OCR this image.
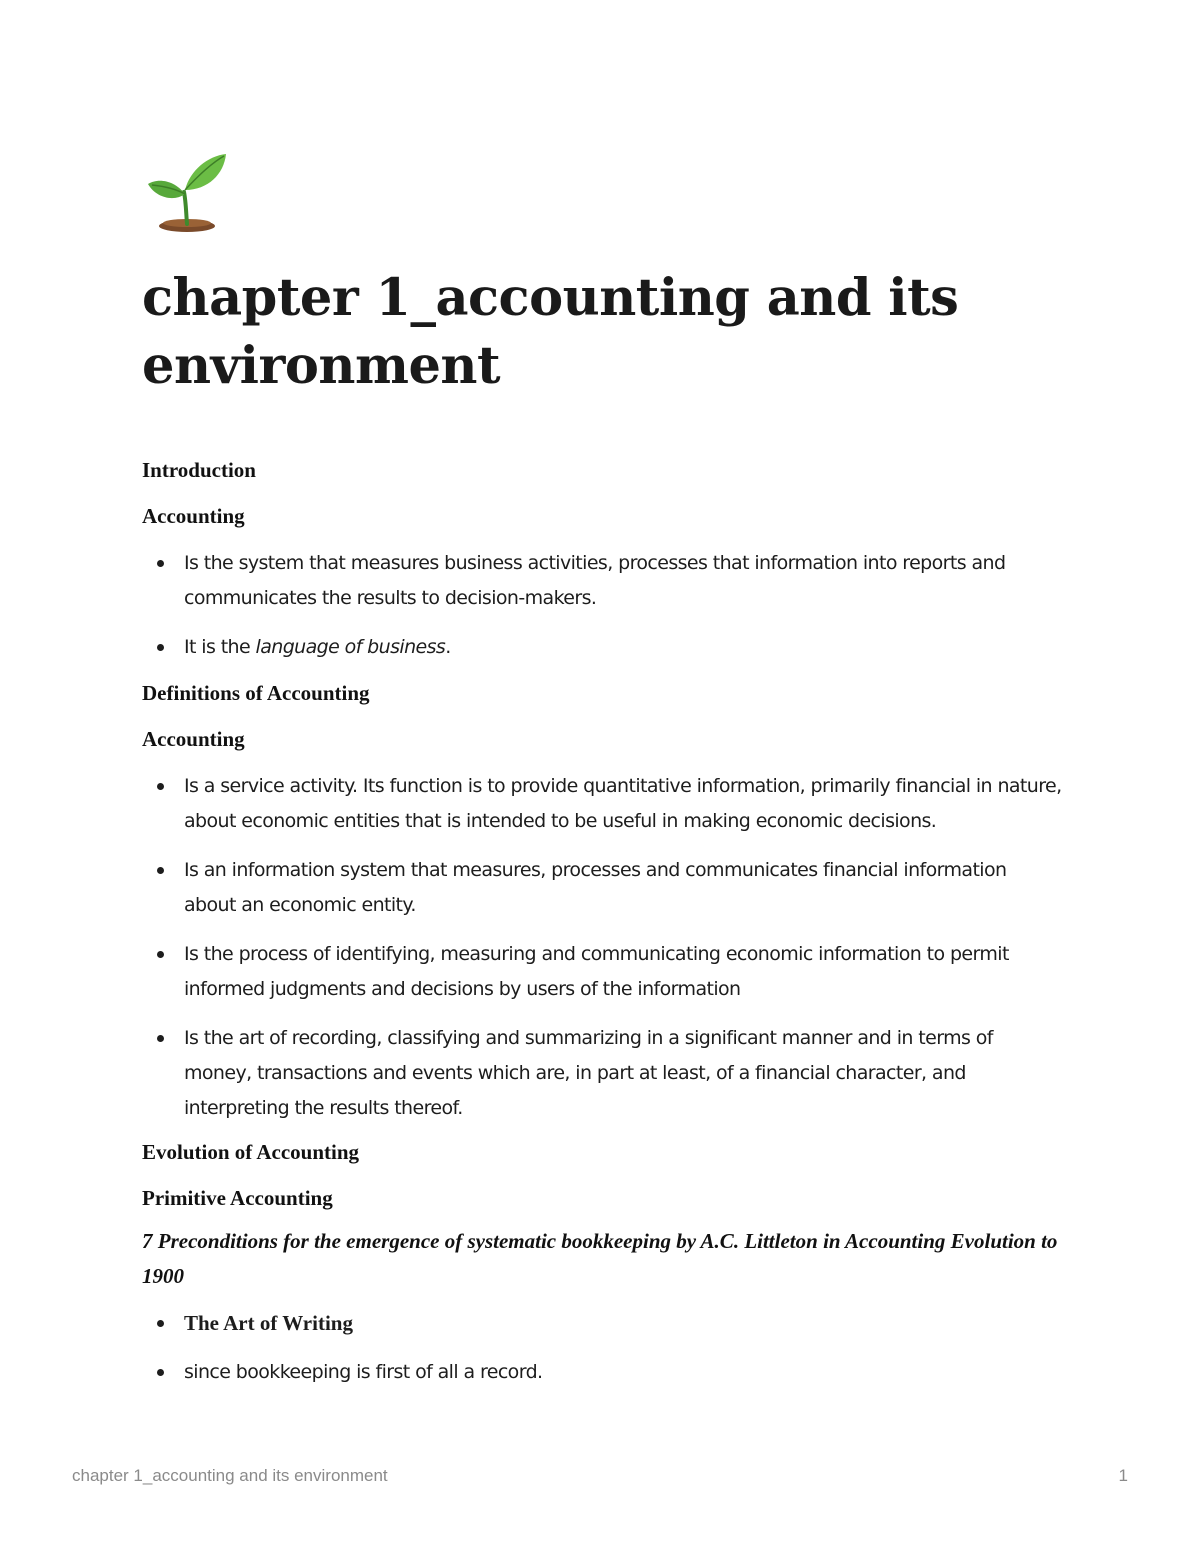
chapter 1_accounting and its environment

Introduction

Accounting

Is the system that measures business activities, processes that information into reports and communicates the results to decision-makers.
It is the language of business.

Definitions of Accounting

Accounting

Is a service activity. Its function is to provide quantitative information, primarily financial in nature, about economic entities that is intended to be useful in making economic decisions.
Is an information system that measures, processes and communicates financial information about an economic entity.
Is the process of identifying, measuring and communicating economic information to permit informed judgments and decisions by users of the information
Is the art of recording, classifying and summarizing in a significant manner and in terms of money, transactions and events which are, in part at least, of a financial character, and interpreting the results thereof.

Evolution of Accounting

Primitive Accounting

7 Preconditions for the emergence of systematic bookkeeping by A.C. Littleton in Accounting Evolution to 1900

The Art of Writing
since bookkeeping is first of all a record.
chapter 1_accounting and its environment	1
